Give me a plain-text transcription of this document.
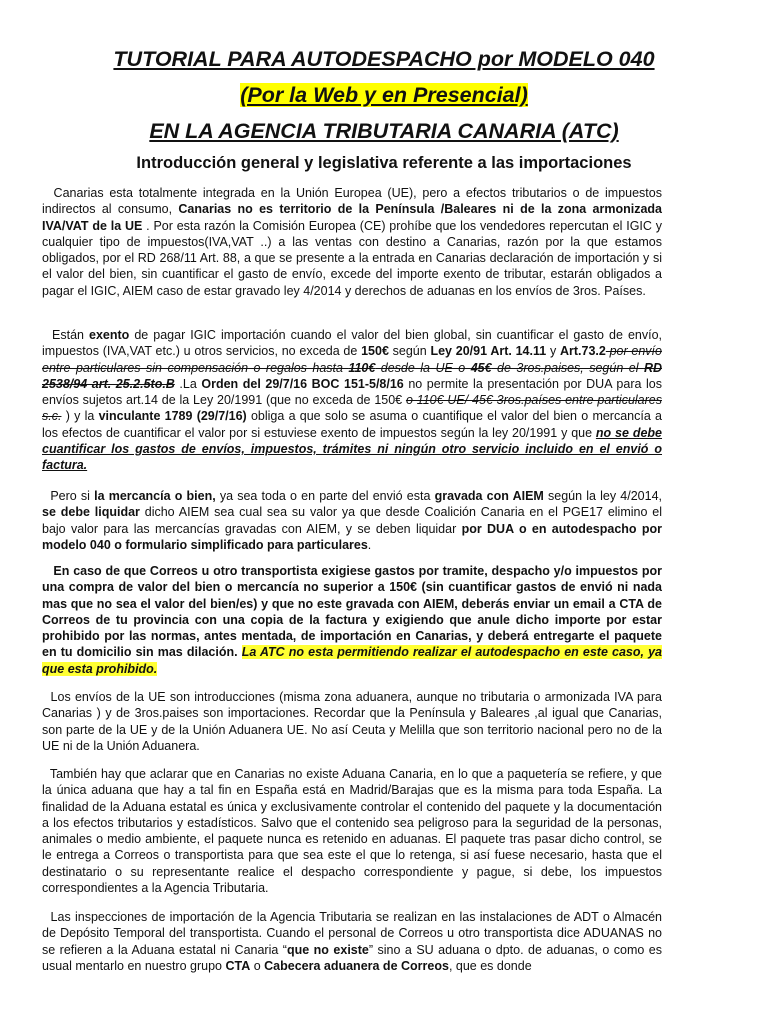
TUTORIAL PARA AUTODESPACHO por MODELO 040
(Por la Web y en Presencial)
EN LA AGENCIA TRIBUTARIA CANARIA (ATC)
Introducción general y legislativa referente a las importaciones
Canarias esta totalmente integrada en la Unión Europea (UE), pero a efectos tributarios o de impuestos indirectos al consumo, Canarias no es territorio de la Península /Baleares ni de la zona armonizada IVA/VAT de la UE . Por esta razón la Comisión Europea (CE) prohíbe que los vendedores repercutan el IGIC y cualquier tipo de impuestos(IVA,VAT ..) a las ventas con destino a Canarias, razón por la que estamos obligados, por el RD 268/11 Art. 88, a que se presente a la entrada en Canarias declaración de importación y si el valor del bien, sin cuantificar el gasto de envío, excede del importe exento de tributar, estarán obligados a pagar el IGIC, AIEM caso de estar gravado ley 4/2014 y derechos de aduanas en los envíos de 3ros. Países.
Están exento de pagar IGIC importación cuando el valor del bien global, sin cuantificar el gasto de envío, impuestos (IVA,VAT etc.) u otros servicios, no exceda de 150€ según Ley 20/91 Art. 14.11 y Art.73.2 por envío entre particulares sin compensación o regalos hasta 110€ desde la UE o 45€ de 3ros.paises, según el RD 2538/94 art. 25.2.5to.B .La Orden del 29/7/16 BOC 151-5/8/16 no permite la presentación por DUA para los envíos sujetos art.14 de la Ley 20/1991 (que no exceda de 150€ o 110€ UE/ 45€ 3ros.países entre particulares s.c. ) y la vinculante 1789 (29/7/16) obliga a que solo se asuma o cuantifique el valor del bien o mercancía a los efectos de cuantificar el valor por si estuviese exento de impuestos según la ley 20/1991 y que no se debe cuantificar los gastos de envíos, impuestos, trámites ni ningún otro servicio incluido en el envió o factura.
Pero si la mercancía o bien, ya sea toda o en parte del envió esta gravada con AIEM según la ley 4/2014, se debe liquidar dicho AIEM sea cual sea su valor ya que desde Coalición Canaria en el PGE17 elimino el bajo valor para las mercancías gravadas con AIEM, y se deben liquidar por DUA o en autodespacho por modelo 040 o formulario simplificado para particulares.
En caso de que Correos u otro transportista exigiese gastos por tramite, despacho y/o impuestos por una compra de valor del bien o mercancía no superior a 150€ (sin cuantificar gastos de envió ni nada mas que no sea el valor del bien/es) y que no este gravada con AIEM, deberás enviar un email a CTA de Correos de tu provincia con una copia de la factura y exigiendo que anule dicho importe por estar prohibido por las normas, antes mentada, de importación en Canarias, y deberá entregarte el paquete en tu domicilio sin mas dilación. La ATC no esta permitiendo realizar el autodespacho en este caso, ya que esta prohibido.
Los envíos de la UE son introducciones (misma zona aduanera, aunque no tributaria o armonizada IVA para Canarias ) y de 3ros.paises son importaciones. Recordar que la Península y Baleares ,al igual que Canarias, son parte de la UE y de la Unión Aduanera UE. No así Ceuta y Melilla que son territorio nacional pero no de la UE ni de la Unión Aduanera.
También hay que aclarar que en Canarias no existe Aduana Canaria, en lo que a paquetería se refiere, y que la única aduana que hay a tal fin en España está en Madrid/Barajas que es la misma para toda España. La finalidad de la Aduana estatal es única y exclusivamente controlar el contenido del paquete y la documentación a los efectos tributarios y estadísticos. Salvo que el contenido sea peligroso para la seguridad de la personas, animales o medio ambiente, el paquete nunca es retenido en aduanas. El paquete tras pasar dicho control, se le entrega a Correos o transportista para que sea este el que lo retenga, si así fuese necesario, hasta que el destinatario o su representante realice el despacho correspondiente y pague, si debe, los impuestos correspondientes a la Agencia Tributaria.
Las inspecciones de importación de la Agencia Tributaria se realizan en las instalaciones de ADT o Almacén de Depósito Temporal del transportista. Cuando el personal de Correos u otro transportista dice ADUANAS no se refieren a la Aduana estatal ni Canaria “que no existe” sino a SU aduana o dpto. de aduanas, o como es usual mentarlo en nuestro grupo CTA o Cabecera aduanera de Correos, que es donde
